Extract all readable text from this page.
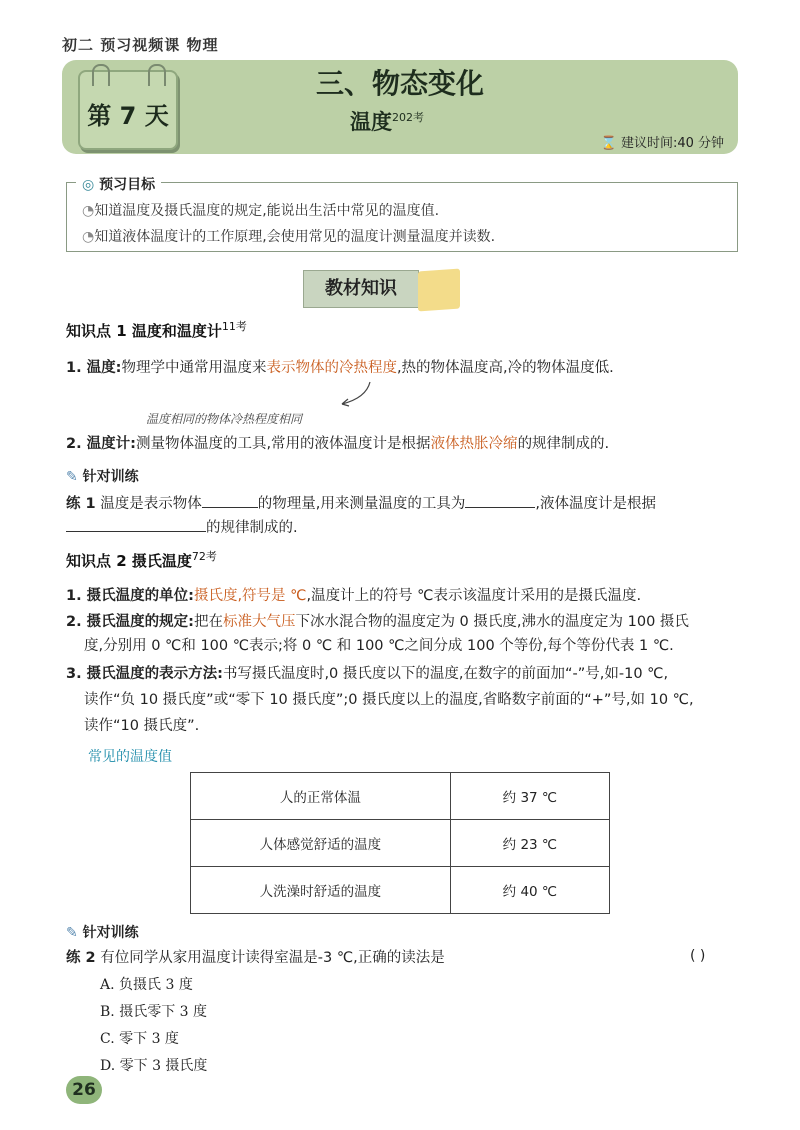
初二 预习视频课 物理
第 7 天
三、物态变化
温度$^{202考}$
⌛ 建议时间:40 分钟
◎ 预习目标
◔知道温度及摄氏温度的规定,能说出生活中常见的温度值.
◔知道液体温度计的工作原理,会使用常见的温度计测量温度并读数.
教材知识
知识点 1 温度和温度计$^{11考}$
1. 温度:物理学中通常用温度来表示物体的冷热程度,热的物体温度高,冷的物体温度低.
温度相同的物体冷热程度相同
2. 温度计:测量物体温度的工具,常用的液体温度计是根据液体热胀冷缩的规律制成的.
✎ 针对训练
练 1 温度是表示物体	的物理量,用来测量温度的工具为	,液体温度计是根据
的规律制成的.
知识点 2 摄氏温度$^{72考}$
1. 摄氏温度的单位:摄氏度,符号是 ℃,温度计上的符号 ℃表示该温度计采用的是摄氏温度.
2. 摄氏温度的规定:把在标准大气压下冰水混合物的温度定为 0 摄氏度,沸水的温度定为 100 摄氏
度,分别用 0 ℃和 100 ℃表示;将 0 ℃ 和 100 ℃之间分成 100 个等份,每个等份代表 1 ℃.
3. 摄氏温度的表示方法:书写摄氏温度时,0 摄氏度以下的温度,在数字的前面加“-”号,如-10 ℃,
读作“负 10 摄氏度”或“零下 10 摄氏度”;0 摄氏度以上的温度,省略数字前面的“+”号,如 10 ℃,
读作“10 摄氏度”.
常见的温度值
人的正常体温	约 37 ℃
人体感觉舒适的温度	约 23 ℃
人洗澡时舒适的温度	约 40 ℃
✎ 针对训练
练 2 有位同学从家用温度计读得室温是-3 ℃,正确的读法是	( )
A. 负摄氏 3 度
B. 摄氏零下 3 度
C. 零下 3 度
D. 零下 3 摄氏度
26
